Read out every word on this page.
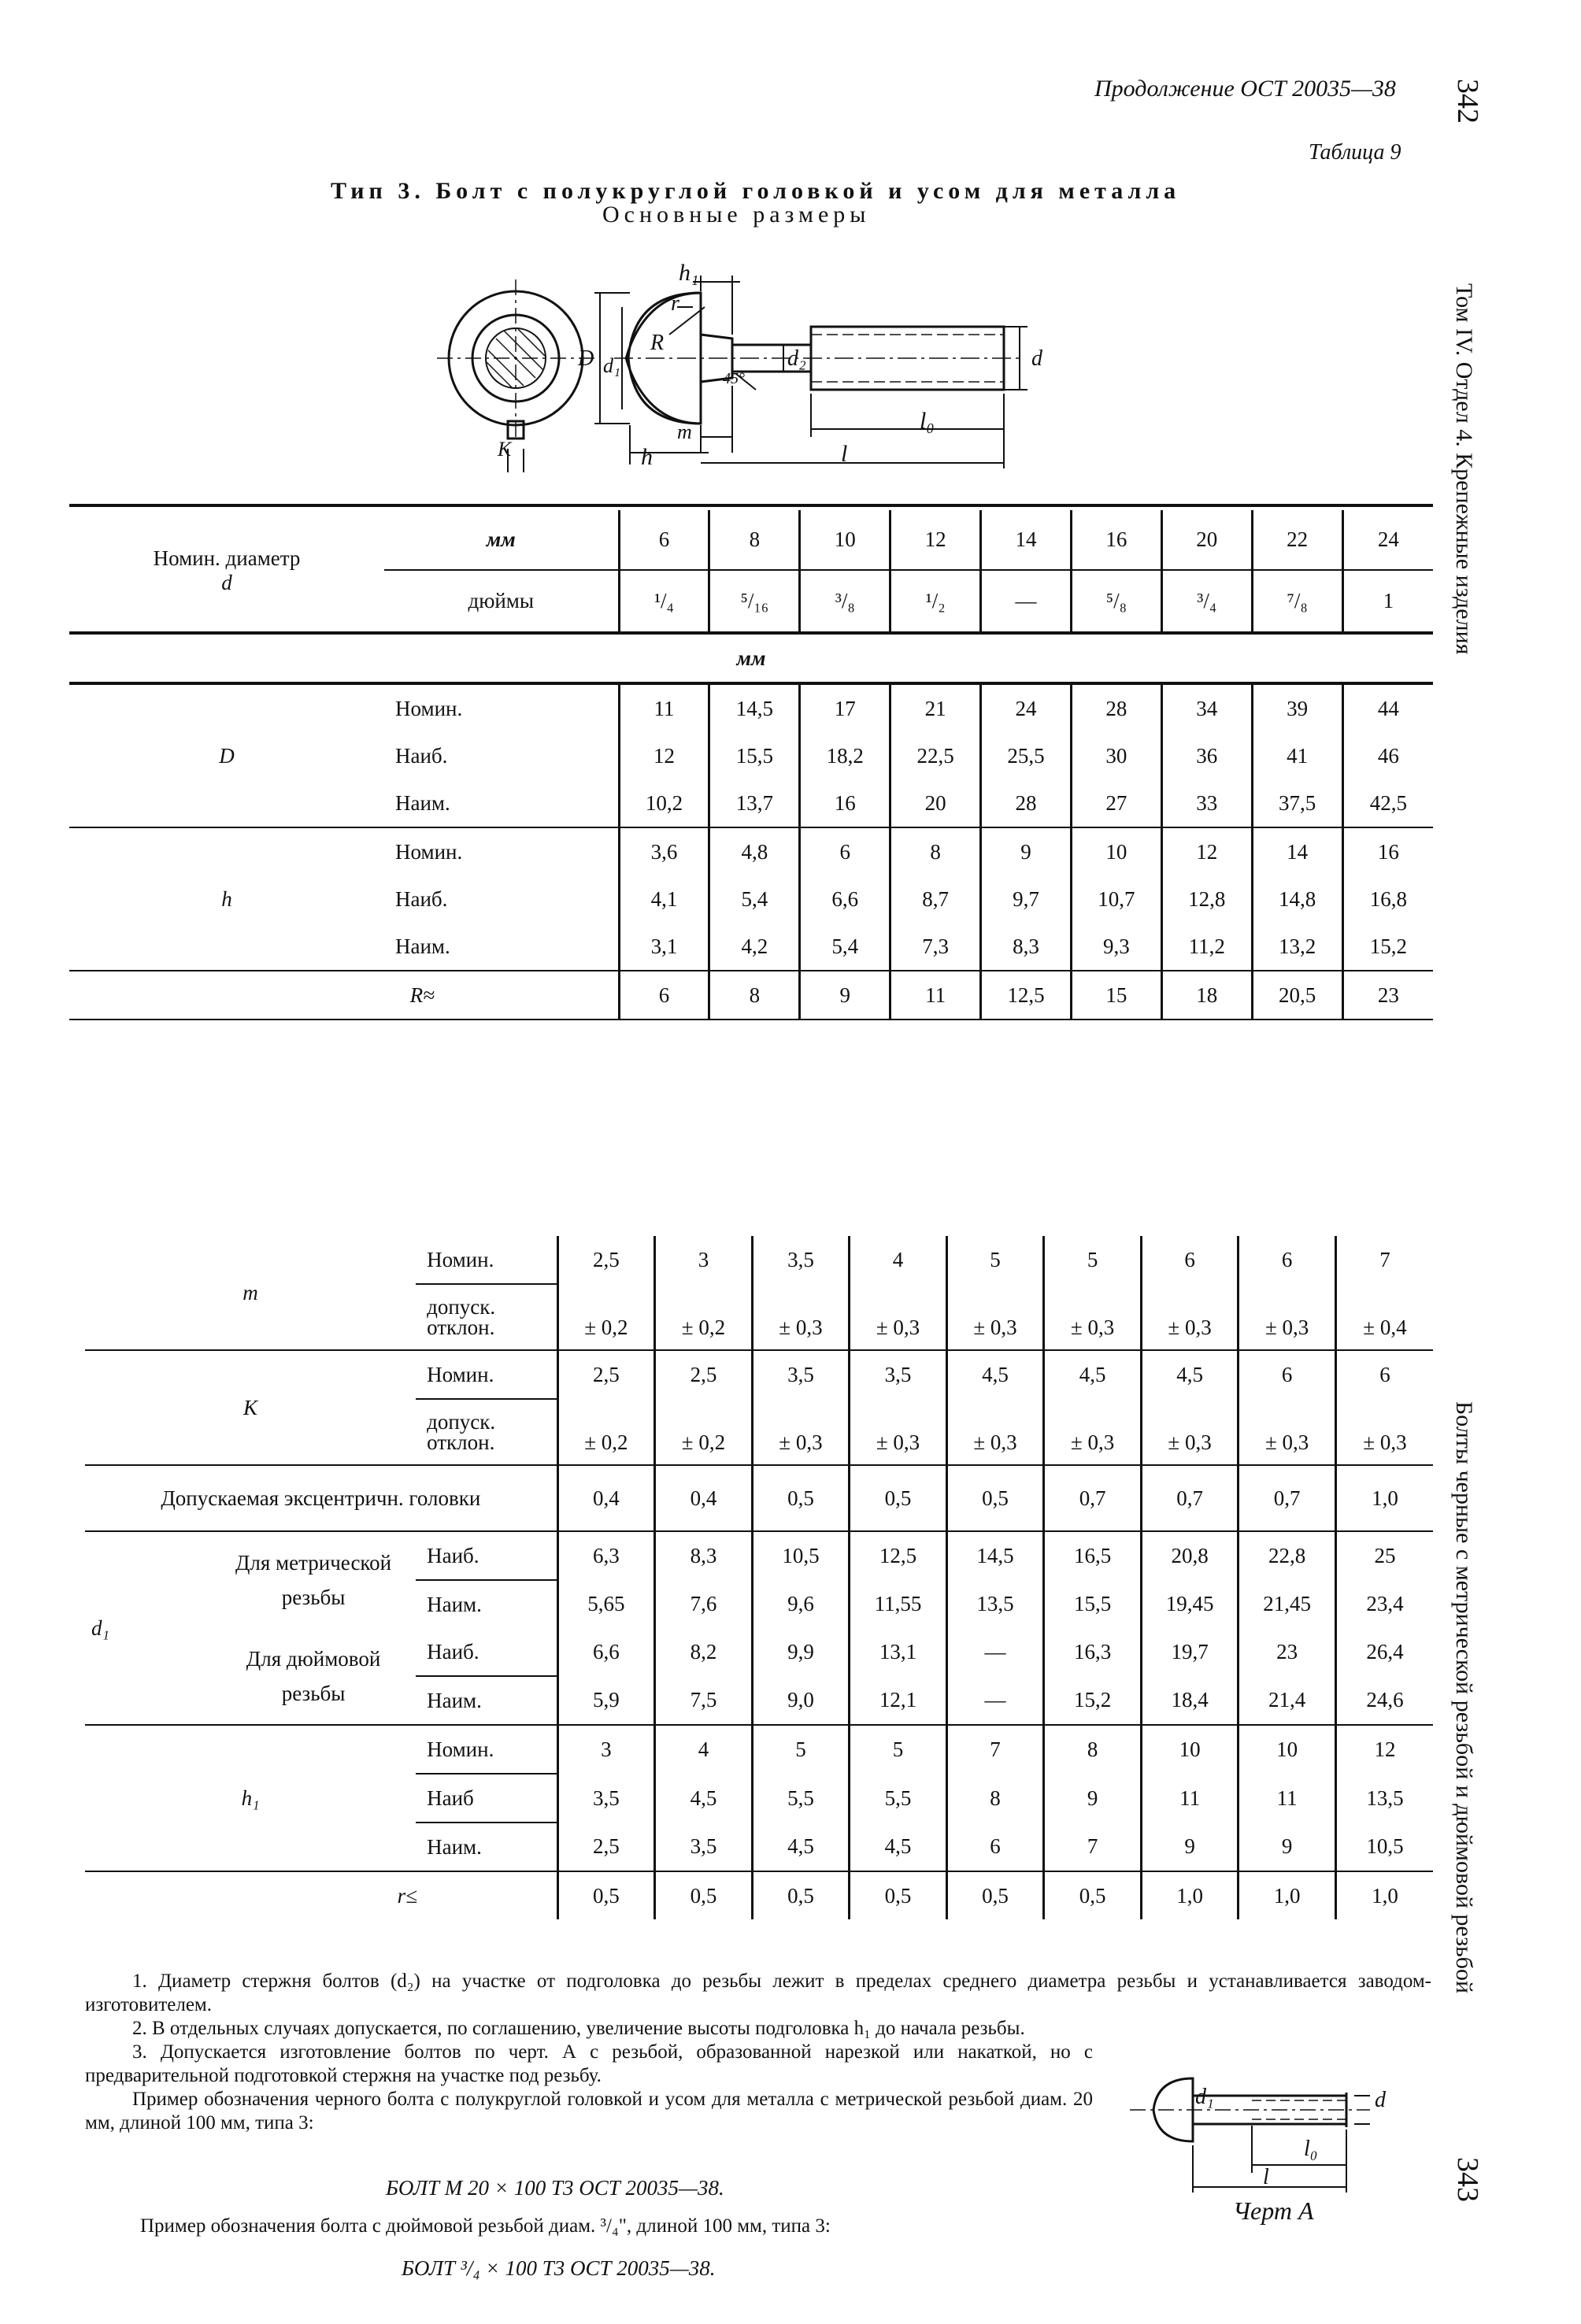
Продолжение ОСТ 20035—38 342
Таблица 9
Тип 3. Болт с полукруглой головкой и усом для металла
Основные размеры
Том IV. Отдел 4. Крепежные изделия
Болты черные с метрической резьбой и дюймовой резьбой
343
h₁
r
R
D d₁	d₂	d
45°
m
K	h	l
l₀
Номин. диаметр
d	мм	6	8	10	12	14	16	20	22	24
	дюймы	¹/₄	⁵/₁₆	³/₈	¹/₂	—	⁵/₈	³/₄	⁷/₈	1
мм										
D	Номин.	11	14,5	17	21	24	28	34	39	44
	Наиб.	12	15,5	18,2	22,5	25,5	30	36	41	46
	Наим.	10,2	13,7	16	20	28	27	33	37,5	42,5
h	Номин.	3,6	4,8	6	8	9	10	12	14	16
	Наиб.	4,1	5,4	6,6	8,7	9,7	10,7	12,8	14,8	16,8
	Наим.	3,1	4,2	5,4	7,3	8,3	9,3	11,2	13,2	15,2
R≈		6	8	9	11	12,5	15	18	20,5	23
m		Номин.	2,5	3	3,5	4	5	5	6	6	7

		допуск.
отклон.	± 0,2	± 0,2	± 0,3	± 0,3	± 0,3	± 0,3	± 0,3	± 0,3	± 0,4
K		Номин.	2,5	2,5	3,5	3,5	4,5	4,5	4,5	6	6

		допуск.
отклон.	± 0,2	± 0,2	± 0,3	± 0,3	± 0,3	± 0,3	± 0,3	± 0,3	± 0,3
Допускаемая эксцентричн. головки			0,4	0,4	0,5	0,5	0,5	0,7	0,7	0,7	1,0
d₁	Для метрической
резьбы	Наиб.	6,3	8,3	10,5	12,5	14,5	16,5	20,8	22,8	25
		Наим.	5,65	7,6	9,6	11,55	13,5	15,5	19,45	21,45	23,4

	Для дюймовой
резьбы	Наиб.	6,6	8,2	9,9	13,1	—	16,3	19,7	23	26,4
		Наим.	5,9	7,5	9,0	12,1	—	15,2	18,4	21,4	24,6
h₁		Номин.	3	4	5	5	7	8	10	10	12
		Наиб	3,5	4,5	5,5	5,5	8	9	11	11	13,5
		Наим.	2,5	3,5	4,5	4,5	6	7	9	9	10,5
r≤			0,5	0,5	0,5	0,5	0,5	0,5	1,0	1,0	1,0

1. Диаметр стержня болтов (d₂) на участке от подголовка до резьбы лежит в пределах среднего диаметра резьбы и устанавливается заводом-изготовителем.

2. В отдельных случаях допускается, по соглашению, увеличение высоты подголовка h₁ до начала резьбы.

3. Допускается изготовление болтов по черт. А с резьбой, образованной нарезкой или накаткой, но с предварительной подготовкой стержня на участке под резьбу.

Пример обозначения черного болта с полукруглой головкой и усом для металла с метрической резьбой диам. 20 мм, длиной 100 мм, типа 3:

БОЛТ М 20 × 100 Т3 ОСТ 20035—38.
Пример обозначения болта с дюймовой резьбой диам. ³/₄", длиной 100 мм, типа 3:
БОЛТ ³/₄ × 100 Т3 ОСТ 20035—38.
d₁	d
l₀
l
Черт А
